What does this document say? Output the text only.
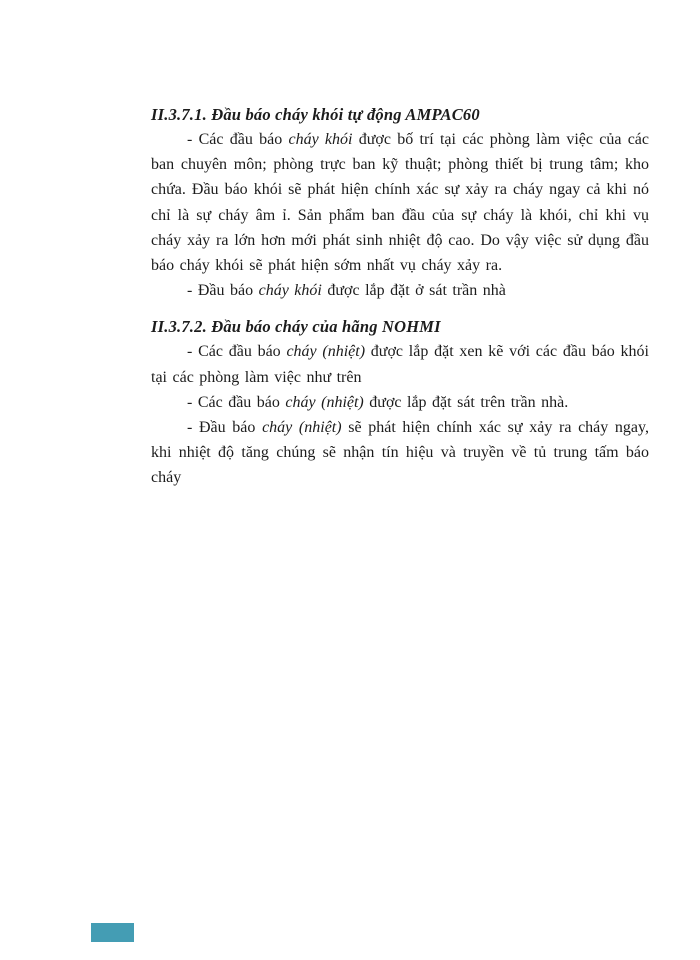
II.3.7.1. Đầu báo cháy khói tự động AMPAC60

- Các đầu báo cháy khói được bố trí tại các phòng làm việc của các ban chuyên môn; phòng trực ban kỹ thuật; phòng thiết bị trung tâm; kho chứa. Đầu báo khói sẽ phát hiện chính xác sự xảy ra cháy ngay cả khi nó chỉ là sự cháy âm ỉ. Sản phẩm ban đầu của sự cháy là khói, chỉ khi vụ cháy xảy ra lớn hơn mới phát sinh nhiệt độ cao. Do vậy việc sử dụng đầu báo cháy khói sẽ phát hiện sớm nhất vụ cháy xảy ra.

- Đầu báo cháy khói được lắp đặt ở sát trần nhà

II.3.7.2. Đầu báo cháy của hãng NOHMI

- Các đầu báo cháy (nhiệt) được lắp đặt xen kẽ với các đầu báo khói tại các phòng làm việc như trên

- Các đầu báo cháy (nhiệt) được lắp đặt sát trên trần nhà.

- Đầu báo cháy (nhiệt) sẽ phát hiện chính xác sự xảy ra cháy ngay, khi nhiệt độ tăng chúng sẽ nhận tín hiệu và truyền về tủ trung tấm báo cháy
